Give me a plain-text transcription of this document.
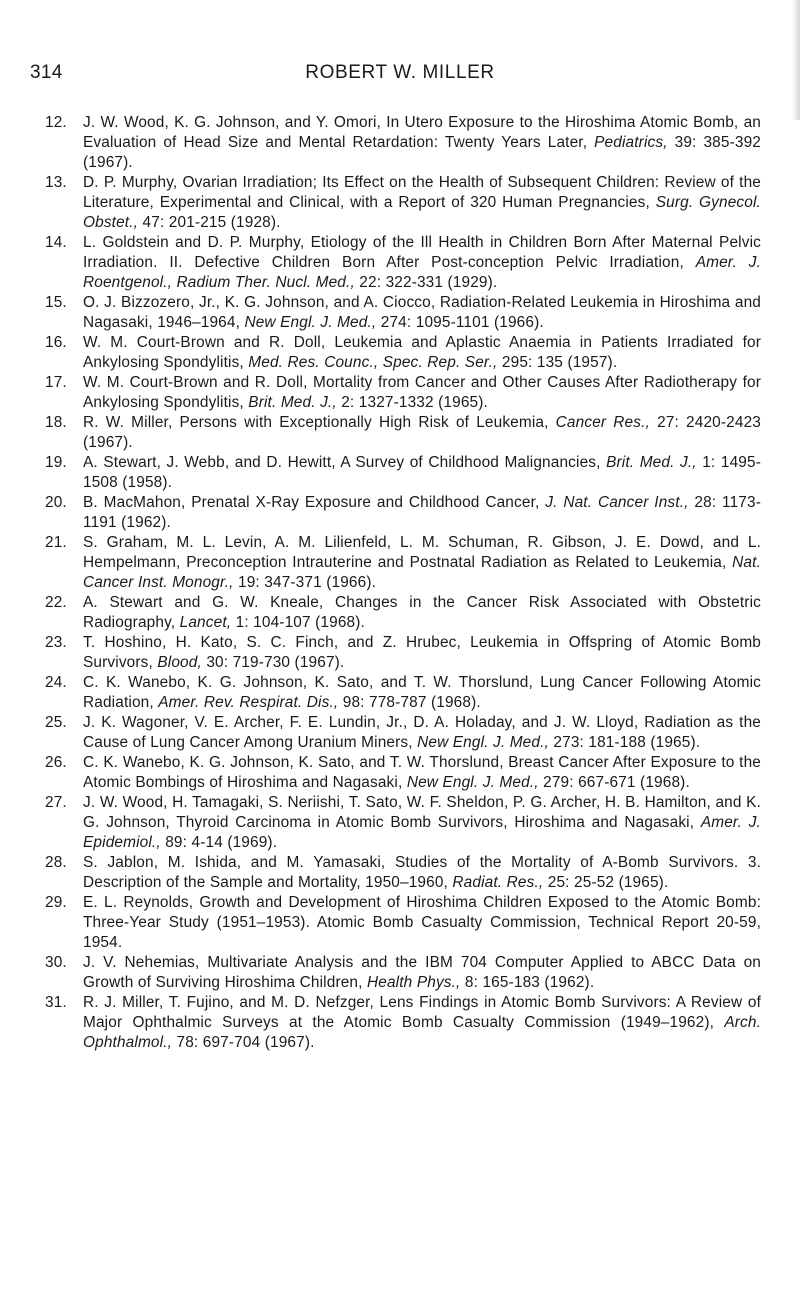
314	ROBERT W. MILLER
12.	J. W. Wood, K. G. Johnson, and Y. Omori, In Utero Exposure to the Hiroshima Atomic Bomb, an Evaluation of Head Size and Mental Retardation: Twenty Years Later, Pediatrics, 39: 385-392 (1967).
13.	D. P. Murphy, Ovarian Irradiation; Its Effect on the Health of Subsequent Children: Review of the Literature, Experimental and Clinical, with a Report of 320 Human Pregnancies, Surg. Gynecol. Obstet., 47: 201-215 (1928).
14.	L. Goldstein and D. P. Murphy, Etiology of the Ill Health in Children Born After Maternal Pelvic Irradiation. II. Defective Children Born After Post-conception Pelvic Irradiation, Amer. J. Roentgenol., Radium Ther. Nucl. Med., 22: 322-331 (1929).
15.	O. J. Bizzozero, Jr., K. G. Johnson, and A. Ciocco, Radiation-Related Leukemia in Hiroshima and Nagasaki, 1946–1964, New Engl. J. Med., 274: 1095-1101 (1966).
16.	W. M. Court-Brown and R. Doll, Leukemia and Aplastic Anaemia in Patients Irradiated for Ankylosing Spondylitis, Med. Res. Counc., Spec. Rep. Ser., 295: 135 (1957).
17.	W. M. Court-Brown and R. Doll, Mortality from Cancer and Other Causes After Radiotherapy for Ankylosing Spondylitis, Brit. Med. J., 2: 1327-1332 (1965).
18.	R. W. Miller, Persons with Exceptionally High Risk of Leukemia, Cancer Res., 27: 2420-2423 (1967).
19.	A. Stewart, J. Webb, and D. Hewitt, A Survey of Childhood Malignancies, Brit. Med. J., 1: 1495-1508 (1958).
20.	B. MacMahon, Prenatal X-Ray Exposure and Childhood Cancer, J. Nat. Cancer Inst., 28: 1173-1191 (1962).
21.	S. Graham, M. L. Levin, A. M. Lilienfeld, L. M. Schuman, R. Gibson, J. E. Dowd, and L. Hempelmann, Preconception Intrauterine and Postnatal Radiation as Related to Leukemia, Nat. Cancer Inst. Monogr., 19: 347-371 (1966).
22.	A. Stewart and G. W. Kneale, Changes in the Cancer Risk Associated with Obstetric Radiography, Lancet, 1: 104-107 (1968).
23.	T. Hoshino, H. Kato, S. C. Finch, and Z. Hrubec, Leukemia in Offspring of Atomic Bomb Survivors, Blood, 30: 719-730 (1967).
24.	C. K. Wanebo, K. G. Johnson, K. Sato, and T. W. Thorslund, Lung Cancer Following Atomic Radiation, Amer. Rev. Respirat. Dis., 98: 778-787 (1968).
25.	J. K. Wagoner, V. E. Archer, F. E. Lundin, Jr., D. A. Holaday, and J. W. Lloyd, Radiation as the Cause of Lung Cancer Among Uranium Miners, New Engl. J. Med., 273: 181-188 (1965).
26.	C. K. Wanebo, K. G. Johnson, K. Sato, and T. W. Thorslund, Breast Cancer After Exposure to the Atomic Bombings of Hiroshima and Nagasaki, New Engl. J. Med., 279: 667-671 (1968).
27.	J. W. Wood, H. Tamagaki, S. Neriishi, T. Sato, W. F. Sheldon, P. G. Archer, H. B. Hamilton, and K. G. Johnson, Thyroid Carcinoma in Atomic Bomb Survivors, Hiroshima and Nagasaki, Amer. J. Epidemiol., 89: 4-14 (1969).
28.	S. Jablon, M. Ishida, and M. Yamasaki, Studies of the Mortality of A-Bomb Survivors. 3. Description of the Sample and Mortality, 1950–1960, Radiat. Res., 25: 25-52 (1965).
29.	E. L. Reynolds, Growth and Development of Hiroshima Children Exposed to the Atomic Bomb: Three-Year Study (1951–1953). Atomic Bomb Casualty Commission, Technical Report 20-59, 1954.
30.	J. V. Nehemias, Multivariate Analysis and the IBM 704 Computer Applied to ABCC Data on Growth of Surviving Hiroshima Children, Health Phys., 8: 165-183 (1962).
31.	R. J. Miller, T. Fujino, and M. D. Nefzger, Lens Findings in Atomic Bomb Survivors: A Review of Major Ophthalmic Surveys at the Atomic Bomb Casualty Commission (1949–1962), Arch. Ophthalmol., 78: 697-704 (1967).
